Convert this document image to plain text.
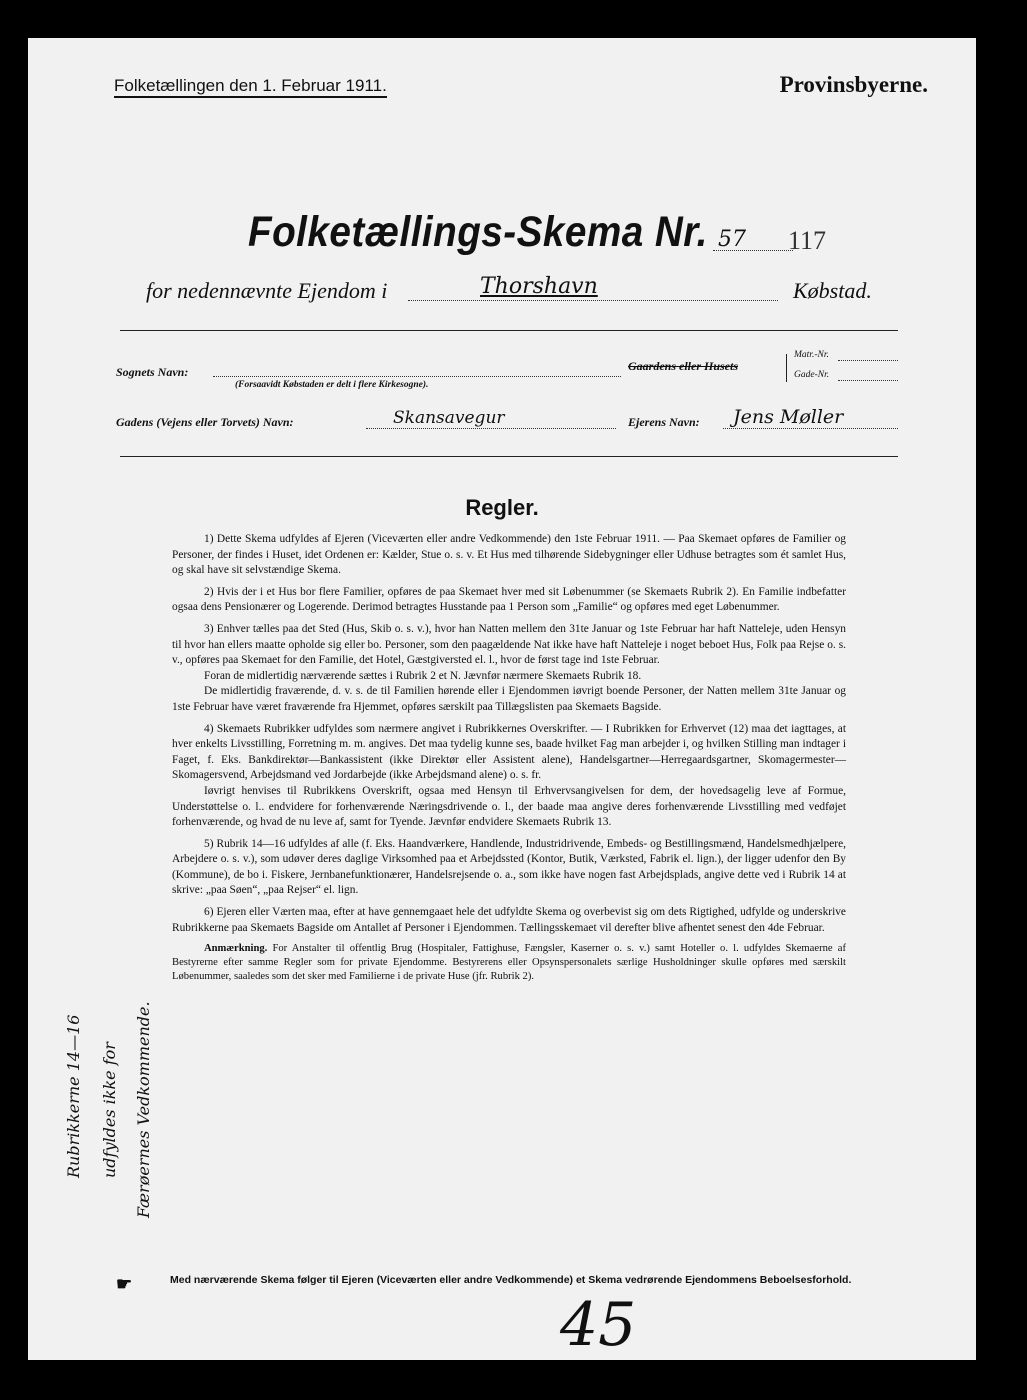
Folketællingen den 1. Februar 1911.	Provinsbyerne.
Folketællings-Skema Nr. 57 117
for nedennævnte Ejendom i	Thorshavn	Købstad.
Sognets Navn:
(Forsaavidt Købstaden er delt i flere Kirkesogne).
Gaardens eller Husets
Matr.-Nr.
Gade-Nr.
Gadens (Vejens eller Torvets) Navn:	Skansavegur	Ejerens Navn: Jens Møller
Regler.

1) Dette Skema udfyldes af Ejeren (Viceværten eller andre Vedkommende) den 1ste Februar 1911. — Paa Skemaet opføres de Familier og Personer, der findes i Huset, idet Ordenen er: Kælder, Stue o. s. v. Et Hus med tilhørende Sidebygninger eller Udhuse betragtes som ét samlet Hus, og skal have sit selvstændige Skema.

2) Hvis der i et Hus bor flere Familier, opføres de paa Skemaet hver med sit Løbenummer (se Skemaets Rubrik 2). En Familie indbefatter ogsaa dens Pensionærer og Logerende. Derimod betragtes Husstande paa 1 Person som „Familie“ og opføres med eget Løbenummer.

3) Enhver tælles paa det Sted (Hus, Skib o. s. v.), hvor han Natten mellem den 31te Januar og 1ste Februar har haft Natteleje, uden Hensyn til hvor han ellers maatte opholde sig eller bo. Personer, som den paagældende Nat ikke have haft Natteleje i noget beboet Hus, Folk paa Rejse o. s. v., opføres paa Skemaet for den Familie, det Hotel, Gæstgiversted el. l., hvor de først tage ind 1ste Februar.

Foran de midlertidig nærværende sættes i Rubrik 2 et N. Jævnfør nærmere Skemaets Rubrik 18.

De midlertidig fraværende, d. v. s. de til Familien hørende eller i Ejendommen iøvrigt boende Personer, der Natten mellem 31te Januar og 1ste Februar have været fraværende fra Hjemmet, opføres særskilt paa Tillægslisten paa Skemaets Bagside.

4) Skemaets Rubrikker udfyldes som nærmere angivet i Rubrikkernes Overskrifter. — I Rubrikken for Erhvervet (12) maa det iagttages, at hver enkelts Livsstilling, Forretning m. m. angives. Det maa tydelig kunne ses, baade hvilket Fag man arbejder i, og hvilken Stilling man indtager i Faget, f. Eks. Bankdirektør—Bankassistent (ikke Direktør eller Assistent alene), Handelsgartner—Herregaardsgartner, Skomagermester—Skomagersvend, Arbejdsmand ved Jordarbejde (ikke Arbejdsmand alene) o. s. fr.

Iøvrigt henvises til Rubrikkens Overskrift, ogsaa med Hensyn til Erhvervsangivelsen for dem, der hovedsagelig leve af Formue, Understøttelse o. l.. endvidere for forhenværende Næringsdrivende o. l., der baade maa angive deres forhenværende Livsstilling med vedføjet forhenværende, og hvad de nu leve af, samt for Tyende. Jævnfør endvidere Skemaets Rubrik 13.

5) Rubrik 14—16 udfyldes af alle (f. Eks. Haandværkere, Handlende, Industridrivende, Embeds- og Bestillingsmænd, Handelsmedhjælpere, Arbejdere o. s. v.), som udøver deres daglige Virksomhed paa et Arbejdssted (Kontor, Butik, Værksted, Fabrik el. lign.), der ligger udenfor den By (Kommune), de bo i. Fiskere, Jernbanefunktionærer, Handelsrejsende o. a., som ikke have nogen fast Arbejdsplads, angive dette ved i Rubrik 14 at skrive: „paa Søen“, „paa Rejser“ el. lign.

6) Ejeren eller Værten maa, efter at have gennemgaaet hele det udfyldte Skema og overbevist sig om dets Rigtighed, udfylde og underskrive Rubrikkerne paa Skemaets Bagside om Antallet af Personer i Ejendommen. Tællingsskemaet vil derefter blive afhentet senest den 4de Februar.

Anmærkning. For Anstalter til offentlig Brug (Hospitaler, Fattighuse, Fængsler, Kaserner o. s. v.) samt Hoteller o. l. udfyldes Skemaerne af Bestyrerne efter samme Regler som for private Ejendomme. Bestyrerens eller Opsynspersonalets særlige Husholdninger skulle opføres med særskilt Løbenummer, saaledes som det sker med Familierne i de private Huse (jfr. Rubrik 2).

Rubrikkerne 14—16 udfyldes ikke for Færøernes Vedkommende.
☛	Med nærværende Skema følger til Ejeren (Viceværten eller andre Vedkommende) et Skema vedrørende Ejendommens Beboelsesforhold.
45
